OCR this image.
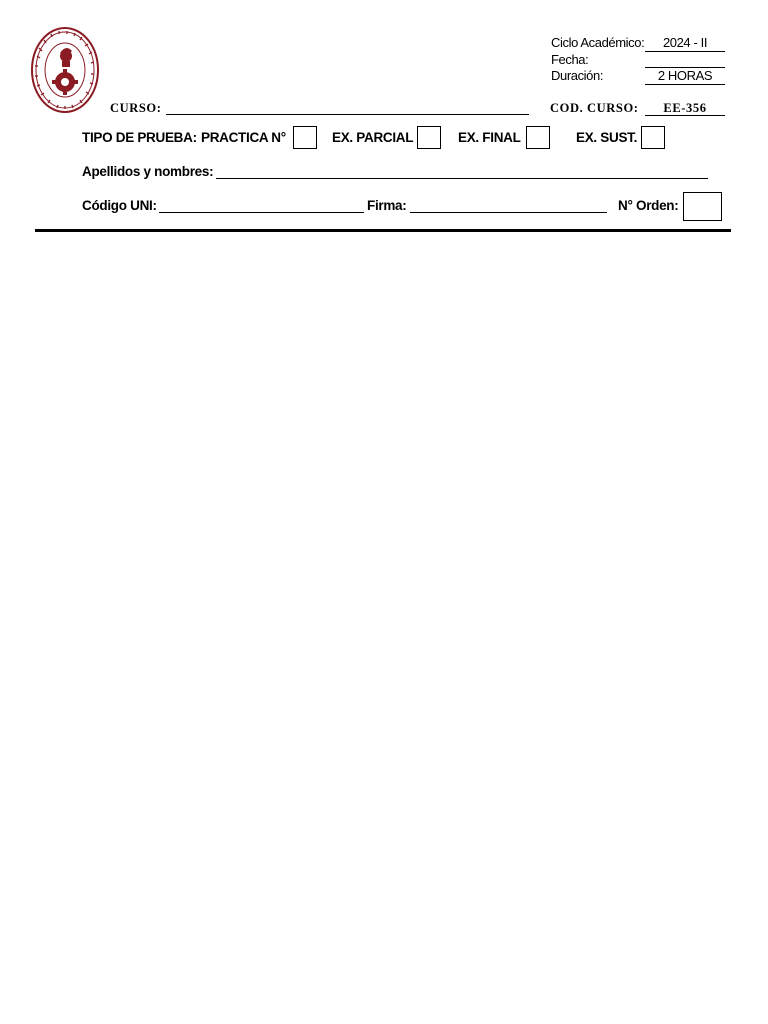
Ciclo Académico:	2024 - II
Fecha:
Duración:	2 HORAS
CURSO:	COD. CURSO:	EE-356
TIPO DE PRUEBA: PRACTICA N°	EX. PARCIAL	EX. FINAL	EX. SUST.
Apellidos y nombres:
Código UNI:	Firma:	N° Orden:
